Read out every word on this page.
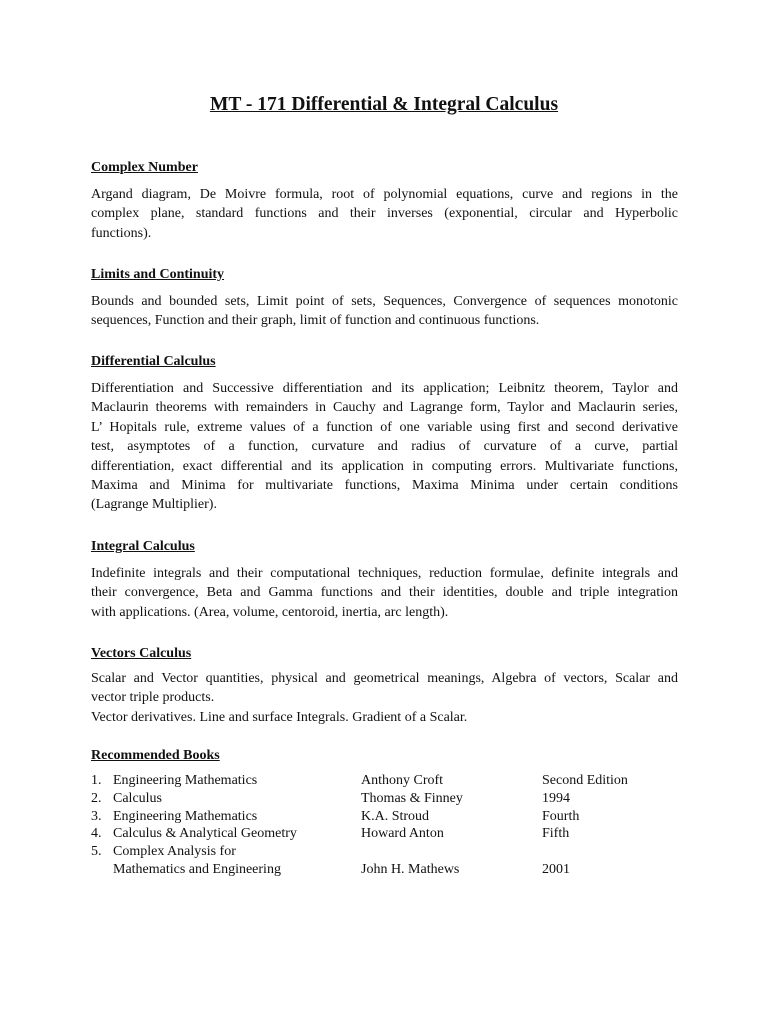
MT - 171 Differential & Integral Calculus
Complex Number
Argand diagram, De Moivre formula, root of polynomial equations, curve and regions in the
complex plane, standard functions and their inverses (exponential, circular and Hyperbolic
functions).
Limits and Continuity
Bounds and bounded sets, Limit point of sets, Sequences, Convergence of sequences monotonic
sequences, Function and their graph, limit of function and continuous functions.
Differential Calculus
Differentiation and Successive differentiation and its application; Leibnitz theorem, Taylor and
Maclaurin theorems with remainders in Cauchy and Lagrange form, Taylor and Maclaurin series,
L’ Hopitals rule, extreme values of a function of one variable using first and second derivative
test, asymptotes of a function, curvature and radius of curvature of a curve, partial
differentiation, exact differential and its application in computing errors. Multivariate functions,
Maxima and Minima for multivariate functions, Maxima Minima under certain conditions
(Lagrange Multiplier).
Integral Calculus
Indefinite integrals and their computational techniques, reduction formulae, definite integrals and
their convergence, Beta and Gamma functions and their identities, double and triple integration
with applications. (Area, volume, centoroid, inertia, arc length).
Vectors Calculus
Scalar and Vector quantities, physical and geometrical meanings, Algebra of vectors, Scalar and
vector triple products.
Vector derivatives. Line and surface Integrals. Gradient of a Scalar.
Recommended Books
1. Engineering Mathematics	Anthony Croft	Second Edition
2. Calculus	Thomas & Finney	1994
3. Engineering Mathematics	K.A. Stroud	Fourth
4. Calculus & Analytical Geometry	Howard Anton	Fifth
5. Complex Analysis for
Mathematics and Engineering	John H. Mathews	2001
